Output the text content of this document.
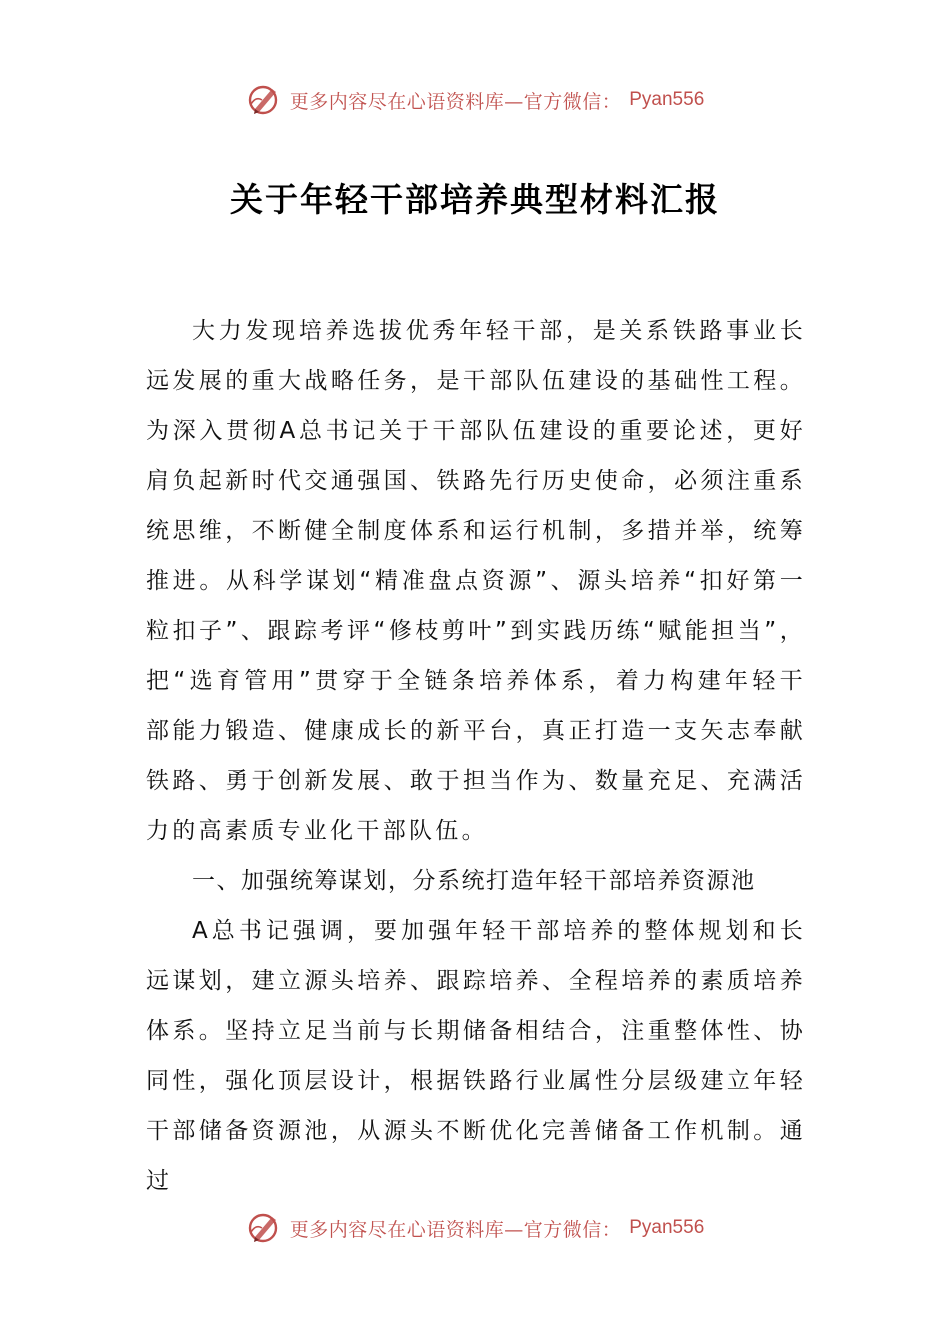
更多内容尽在心语资料库—官方微信： Pyan556
关于年轻干部培养典型材料汇报

大力发现培养选拔优秀年轻干部，是关系铁路事业长远发展的重大战略任务，是干部队伍建设的基础性工程。为深入贯彻A总书记关于干部队伍建设的重要论述，更好肩负起新时代交通强国、铁路先行历史使命，必须注重系统思维，不断健全制度体系和运行机制，多措并举，统筹推进。从科学谋划“精准盘点资源”、源头培养“扣好第一粒扣子”、跟踪考评“修枝剪叶”到实践历练“赋能担当”，把“选育管用”贯穿于全链条培养体系，着力构建年轻干部能力锻造、健康成长的新平台，真正打造一支矢志奉献铁路、勇于创新发展、敢于担当作为、数量充足、充满活力的高素质专业化干部队伍。

一、加强统筹谋划，分系统打造年轻干部培养资源池

A总书记强调，要加强年轻干部培养的整体规划和长远谋划，建立源头培养、跟踪培养、全程培养的素质培养体系。坚持立足当前与长期储备相结合，注重整体性、协同性，强化顶层设计，根据铁路行业属性分层级建立年轻干部储备资源池，从源头不断优化完善储备工作机制。通过

更多内容尽在心语资料库—官方微信： Pyan556
